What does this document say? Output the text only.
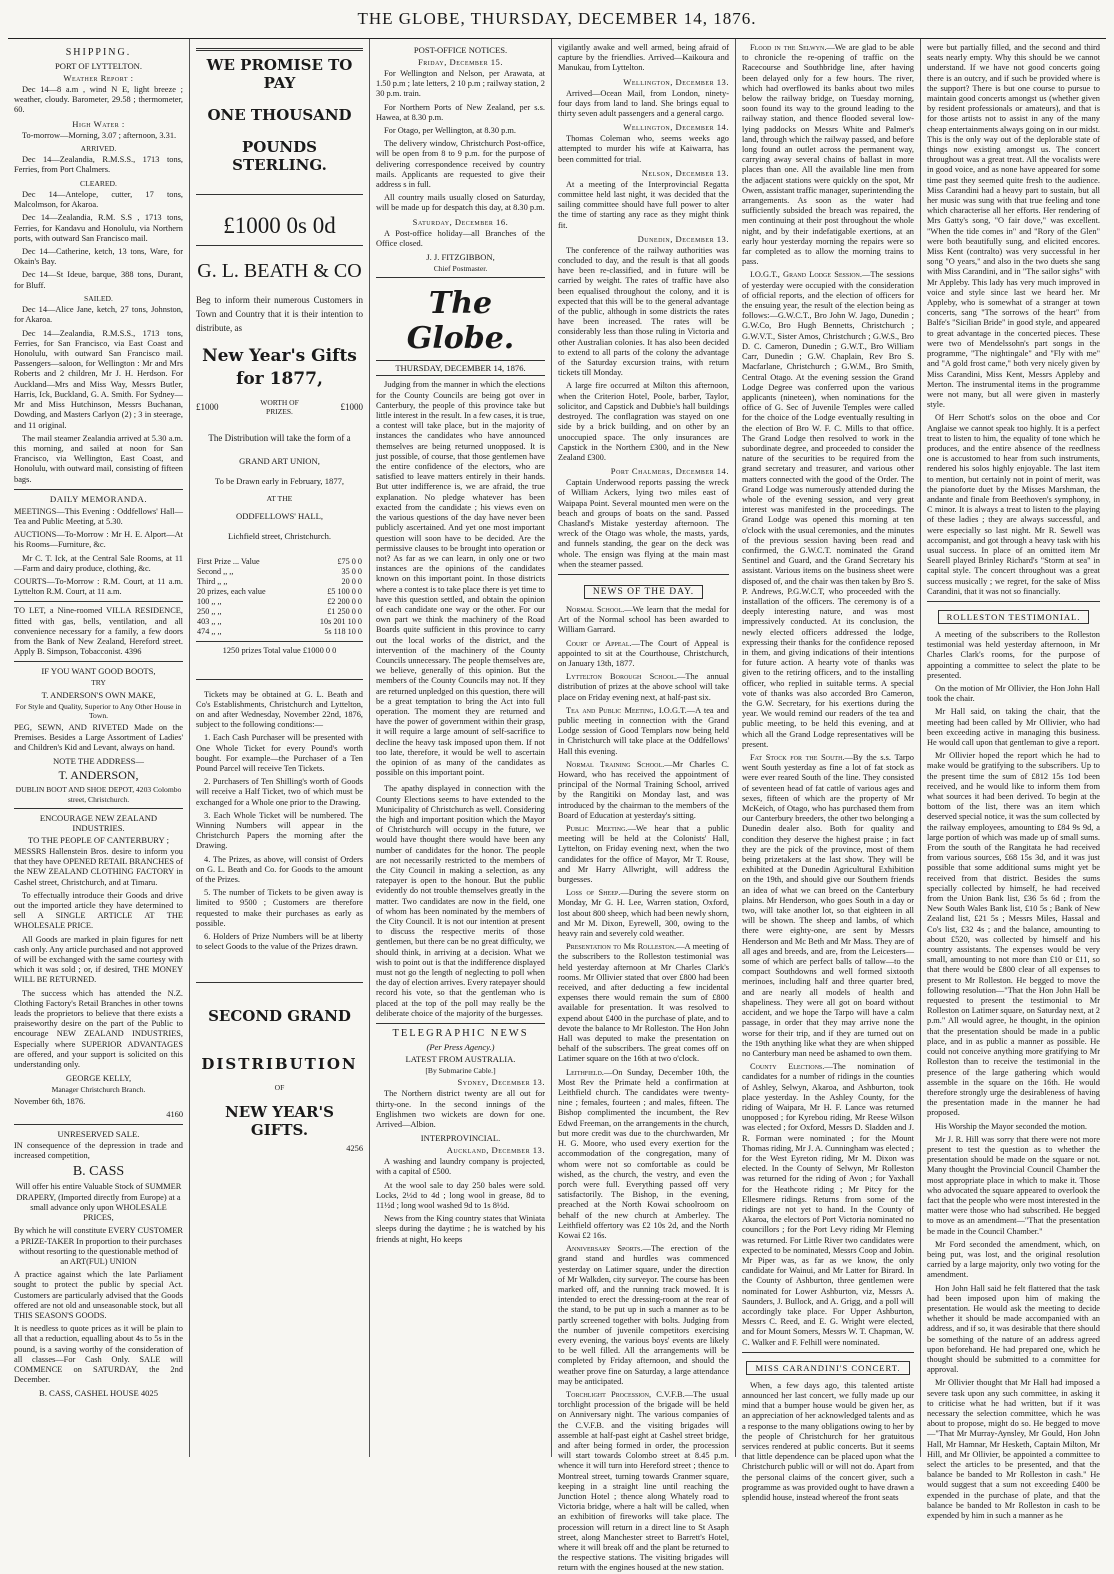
THE GLOBE, THURSDAY, DECEMBER 14, 1876.
SHIPPING.
PORT OF LYTTELTON.
Weather Report :

Dec 14—8 a.m , wind N E, light breeze ; weather, cloudy. Barometer, 29.58 ; thermometer, 60.

High Water :

To-morrow—Morning, 3.07 ; afternoon, 3.31.

ARRIVED.

Dec 14—Zealandia, R.M.S.S., 1713 tons, Ferries, from Port Chalmers.

CLEARED.

Dec 14—Antelope, cutter, 17 tons, Malcolmson, for Akaroa.

Dec 14—Zealandia, R.M. S.S , 1713 tons, Ferries, for Kandavu and Honolulu, via Northern ports, with outward San Francisco mail.

Dec 14—Catherine, ketch, 13 tons, Ware, for Okain's Bay.

Dec 14—St Ideue, barque, 388 tons, Durant, for Bluff.

SAILED.

Dec 14—Alice Jane, ketch, 27 tons, Johnston, for Akaroa.

Dec 14—Zealandia, R.M.S.S., 1713 tons, Ferries, for San Francisco, via East Coast and Honolulu, with outward San Francisco mail. Passengers—saloon, for Wellington : Mr and Mrs Roberts and 2 children, Mr J. H. Herdson. For Auckland—Mrs and Miss Way, Messrs Butler, Harris, Ick, Buckland, G. A. Smith. For Sydney—Mr and Miss Hutchinson, Messrs Buchanan, Dowding, and Masters Carlyon (2) ; 3 in steerage, and 11 original.

The mail steamer Zealandia arrived at 5.30 a.m. this morning, and sailed at noon for San Francisco, via Wellington, East Coast, and Honolulu, with outward mail, consisting of fifteen bags.

DAILY MEMORANDA.

MEETINGS—This Evening : Oddfellows' Hall—Tea and Public Meeting, at 5.30.

AUCTIONS—To-Morrow : Mr H. E. Alport—At his Rooms—Furniture, &c.

Mr C. T. Ick, at the Central Sale Rooms, at 11—Farm and dairy produce, clothing, &c.

COURTS—To-Morrow : R.M. Court, at 11 a.m. Lyttelton R.M. Court, at 11 a.m.

TO LET, a Nine-roomed VILLA RESIDENCE, fitted with gas, bells, ventilation, and all convenience necessary for a family, a few doors from the Bank of New Zealand, Hereford street. Apply B. Simpson, Tobacconist. 4396

IF YOU WANT GOOD BOOTS,
TRY
T. ANDERSON'S OWN MAKE,
For Style and Quality, Superior to Any Other House in Town.

PEG, SEWN, AND RIVETED Made on the Premises. Besides a Large Assortment of Ladies' and Children's Kid and Levant, always on hand.

NOTE THE ADDRESS—
T. ANDERSON,
DUBLIN BOOT AND SHOE DEPOT, 4203 Colombo street, Christchurch.
ENCOURAGE NEW ZEALAND INDUSTRIES.
TO THE PEOPLE OF CANTERBURY ;

MESSRS Hallenstein Bros. desire to inform you that they have OPENED RETAIL BRANCHES of the NEW ZEALAND CLOTHING FACTORY in Cashel street, Christchurch, and at Timaru.

To effectually introduce their Goods and drive out the imported article they have determined to sell A SINGLE ARTICLE AT THE WHOLESALE PRICE.

All Goods are marked in plain figures for nett cash only. Any article purchased and not approved of will be exchanged with the same courtesy with which it was sold ; or, if desired, THE MONEY WILL BE RETURNED.

The success which has attended the N.Z. Clothing Factory's Retail Branches in other towns leads the proprietors to believe that there exists a praiseworthy desire on the part of the Public to encourage NEW ZEALAND INDUSTRIES, Especially where SUPERIOR ADVANTAGES are offered, and your support is solicited on this understanding only.

GEORGE KELLY,
Manager Christchurch Branch.

November 6th, 1876.

4160

UNRESERVED SALE.

IN consequence of the depression in trade and increased competition,

B. CASS

Will offer his entire Valuable Stock of SUMMER DRAPERY, (Imported directly from Europe) at a small advance only upon WHOLESALE PRICES,

By which he will constitute EVERY CUSTOMER a PRIZE-TAKER In proportion to their purchases without resorting to the questionable method of an ART(FUL) UNION

A practice against which the late Parliament sought to protect the public by special Act. Customers are particularly advised that the Goods offered are not old and unseasonable stock, but all THIS SEASON'S GOODS.

It is needless to quote prices as it will be plain to all that a reduction, equalling about 4s to 5s in the pound, is a saving worthy of the consideration of all classes—For Cash Only. SALE will COMMENCE on SATURDAY, the 2nd December.

B. CASS, CASHEL HOUSE 4025
WE PROMISE TO PAY
ONE THOUSAND
POUNDS STERLING.
£1000 0s 0d
G. L. BEATH & CO

Beg to inform their numerous Customers in Town and Country that it is their intention to distribute, as

New Year's Gifts
for 1877,
£1000	WORTH OF PRIZES.	£1000

The Distribution will take the form of a

GRAND ART UNION,
To be Drawn early in February, 1877,
AT THE
ODDFELLOWS' HALL,
Lichfield street, Christchurch.
First Prize ... Value	£75 0 0
Second ,, ,,	35 0 0
Third ,, ,,	20 0 0
20 prizes, each value	£5 100 0 0
100 ,, ,,	£2 200 0 0
250 ,, ,,	£1 250 0 0
403 ,, ,,	10s 201 10 0
474 ,, ,,	5s 118 10 0

1250 prizes Total value £1000 0 0

Tickets may be obtained at G. L. Beath and Co's Establishments, Christchurch and Lyttelton, on and after Wednesday, November 22nd, 1876, subject to the following conditions:—

1. Each Cash Purchaser will be presented with One Whole Ticket for every Pound's worth bought. For example—the Purchaser of a Ten Pound Parcel will receive Ten Tickets.

2. Purchasers of Ten Shilling's worth of Goods will receive a Half Ticket, two of which must be exchanged for a Whole one prior to the Drawing.

3. Each Whole Ticket will be numbered. The Winning Numbers will appear in the Christchurch Papers the morning after the Drawing.

4. The Prizes, as above, will consist of Orders on G. L. Beath and Co. for Goods to the amount of the Prizes.

5. The number of Tickets to be given away is limited to 9500 ; Customers are therefore requested to make their purchases as early as possible.

6. Holders of Prize Numbers will be at liberty to select Goods to the value of the Prizes drawn.

SECOND GRAND
DISTRIBUTION
OF
NEW YEAR'S GIFTS.

4256

POST-OFFICE NOTICES.
Friday, December 15.

For Wellington and Nelson, per Arawata, at 1.50 p.m ; late letters, 2 10 p.m ; railway station, 2 30 p.m. train.

For Northern Ports of New Zealand, per s.s. Hawea, at 8.30 p.m.

For Otago, per Wellington, at 8.30 p.m.

The delivery window, Christchurch Post-office, will be open from 8 to 9 p.m. for the purpose of delivering correspondence received by country mails. Applicants are requested to give their address s in full.

All country mails usually closed on Saturday, will be made up for despatch this day, at 8.30 p.m.

Saturday, December 16.

A Post-office holiday—all Branches of the Office closed.

J. J. FITZGIBBON,
Chief Postmaster.
The Globe.
THURSDAY, DECEMBER 14, 1876.

Judging from the manner in which the elections for the County Councils are being got over in Canterbury, the people of this province take but little interest in the result. In a few cases, it is true, a contest will take place, but in the majority of instances the candidates who have announced themselves are being returned unopposed. It is just possible, of course, that those gentlemen have the entire confidence of the electors, who are satisfied to leave matters entirely in their hands. But utter indifference is, we are afraid, the true explanation. No pledge whatever has been exacted from the candidate ; his views even on the various questions of the day have never been publicly ascertained. And yet one most important question will soon have to be decided. Are the permissive clauses to be brought into operation or not? As far as we can learn, in only one or two instances are the opinions of the candidates known on this important point. In those districts where a contest is to take place there is yet time to have this question settled, and obtain the opinion of each candidate one way or the other. For our own part we think the machinery of the Road Boards quite sufficient in this province to carry out the local works of the district, and the intervention of the machinery of the County Councils unnecessary. The people themselves are, we believe, generally of this opinion. But the members of the County Councils may not. If they are returned unpledged on this question, there will be a great temptation to bring the Act into full operation. The moment they are returned and have the power of government within their grasp, it will require a large amount of self-sacrifice to decline the heavy task imposed upon them. If not too late, therefore, it would be well to ascertain the opinion of as many of the candidates as possible on this important point.

The apathy displayed in connection with the County Elections seems to have extended to the Municipality of Christchurch as well. Considering the high and important position which the Mayor of Christchurch will occupy in the future, we would have thought there would have been any number of candidates for the honor. The people are not necessarily restricted to the members of the City Council in making a selection, as any ratepayer is open to the honour. But the public evidently do not trouble themselves greatly in the matter. Two candidates are now in the field, one of whom has been nominated by the members of the City Council. It is not our intention at present to discuss the respective merits of those gentlemen, but there can be no great difficulty, we should think, in arriving at a decision. What we wish to point out is that the indifference displayed must not go the length of neglecting to poll when the day of election arrives. Every ratepayer should record his vote, so that the gentleman who is placed at the top of the poll may really be the deliberate choice of the majority of the burgesses.

TELEGRAPHIC NEWS
(Per Press Agency.)
LATEST FROM AUSTRALIA.
[By Submarine Cable.]
Sydney, December 13.

The Northern district twenty are all out for thirty-one. In the second innings of the Englishmen two wickets are down for one. Arrived—Albion.

INTERPROVINCIAL.
Auckland, December 13.

A washing and laundry company is projected, with a capital of £500.

At the wool sale to day 250 bales were sold. Locks, 2½d to 4d ; long wool in grease, 8d to 11½d ; long wool washed 9d to 1s 8½d.

News from the King country states that Winiata sleeps during the daytime ; he is watched by his friends at night, Ho keeps

vigilantly awake and well armed, being afraid of capture by the friendlies. Arrived—Kaikoura and Manukau, from Lyttelton.

Wellington, December 13.

Arrived—Ocean Mail, from London, ninety-four days from land to land. She brings equal to thirty seven adult passengers and a general cargo.

Wellington, December 14.

Thomas Coleman who, seems weeks ago attempted to murder his wife at Kaiwarra, has been committed for trial.

Nelson, December 13.

At a meeting of the Interprovincial Regatta committee held last night, it was decided that the sailing committee should have full power to alter the time of starting any race as they might think fit.

Dunedin, December 13.

The conference of the railway authorities was concluded to day, and the result is that all goods have been re-classified, and in future will be carried by weight. The rates of traffic have also been equalised throughout the colony, and it is expected that this will be to the general advantage of the public, although in some districts the rates have been increased. The rates will be considerably less than those ruling in Victoria and other Australian colonies. It has also been decided to extend to all parts of the colony the advantage of the Saturday excursion trains, with return tickets till Monday.

A large fire occurred at Milton this afternoon, when the Criterion Hotel, Poole, barber, Taylor, solicitor, and Capstick and Dubbie's hall buildings destroyed. The conflagration was stayed on one side by a brick building, and on other by an unoccupied space. The only insurances are Capstick in the Northern £300, and in the New Zealand £300.

Port Chalmers, December 14.

Captain Underwood reports passing the wreck of William Ackers, lying two miles east of Waipapa Point. Several mounted men were on the beach and groups of boats on the sand. Passed Chasland's Mistake yesterday afternoon. The wreck of the Otago was whole, the masts, yards, and funnels standing, the gear on the deck was whole. The ensign was flying at the main mast when the steamer passed.

NEWS OF THE DAY.

Normal School.—We learn that the medal for Art of the Normal school has been awarded to William Garrard.

Court of Appeal.—The Court of Appeal is appointed to sit at the Courthouse, Christchurch, on January 13th, 1877.

Lyttelton Borough School.—The annual distribution of prizes at the above school will take place on Friday evening next, at half-past six.

Tea and Public Meeting, I.O.G.T.—A tea and public meeting in connection with the Grand Lodge session of Good Templars now being held in Christchurch will take place at the Oddfellows' Hall this evening.

Normal Training School.—Mr Charles C. Howard, who has received the appointment of principal of the Normal Training School, arrived by the Rangitiki on Monday last, and was introduced by the chairman to the members of the Board of Education at yesterday's sitting.

Public Meeting.—We hear that a public meeting will be held at the Colonists' Hall, Lyttelton, on Friday evening next, when the two candidates for the office of Mayor, Mr T. Rouse, and Mr Harry Allwright, will address the burgesses.

Loss of Sheep.—During the severe storm on Monday, Mr G. H. Lee, Warren station, Oxford, lost about 800 sheep, which had been newly shorn, and Mr M. Dixon, Eyrewell, 300, owing to the heavy rain and severely cold weather.

Presentation to Mr Rolleston.—A meeting of the subscribers to the Rolleston testimonial was held yesterday afternoon at Mr Charles Clark's rooms. Mr Ollivier stated that over £800 had been received, and after deducting a few incidental expenses there would remain the sum of £800 available for presentation. It was resolved to expend about £400 in the purchase of plate, and to devote the balance to Mr Rolleston. The Hon John Hall was deputed to make the presentation on behalf of the subscribers. The great comes off on Latimer square on the 16th at two o'clock.

Leithfield.—On Sunday, December 10th, the Most Rev the Primate held a confirmation at Leithfield church. The candidates were twenty-nine ; females, fourteen ; and males, fifteen. The Bishop complimented the incumbent, the Rev Edwd Freeman, on the arrangements in the church, but more credit was due to the churchwarden, Mr H. G. Moore, who used every exertion for the accommodation of the congregation, many of whom were not so comfortable as could be wished, as the church, the vestry, and even the porch were full. Everything passed off very satisfactorily. The Bishop, in the evening, preached at the North Kowai schoolroom on behalf of the new church at Amberley. The Leithfield offertory was £2 10s 2d, and the North Kowai £2 16s.

Anniversary Sports.—The erection of the grand stand and hurdles was commenced yesterday on Latimer square, under the direction of Mr Walkden, city surveyor. The course has been marked off, and the running track mowed. It is intended to erect the dressing-room at the rear of the stand, to be put up in such a manner as to be partly screened together with bolts. Judging from the number of juvenile competitors exercising every evening, the various boys' events are likely to be well filled. All the arrangements will be completed by Friday afternoon, and should the weather prove fine on Saturday, a large attendance may be anticipated.

Torchlight Procession, C.V.F.B.—The usual torchlight procession of the brigade will be held on Anniversary night. The various companies of the C.V.F.B. and the visiting brigades will assemble at half-past eight at Cashel street bridge, and after being formed in order, the procession will start towards Colombo street at 8.45 p.m. whence it will turn into Hereford street ; thence to Montreal street, turning towards Cranmer square, keeping in a straight line until reaching the Junction Hotel ; thence along Whately road to Victoria bridge, where a halt will be called, when an exhibition of fireworks will take place. The procession will return in a direct line to St Asaph street, along Manchester street to Barrett's Hotel, where it will break off and the plant be returned to the respective stations. The visiting brigades will return with the engines housed at the new station.

Flood in the Selwyn.—We are glad to be able to chronicle the re-opening of traffic on the Racecourse and Southbridge line, after having been delayed only for a few hours. The river, which had overflowed its banks about two miles below the railway bridge, on Tuesday morning, soon found its way to the ground leading to the railway station, and thence flooded several low-lying paddocks on Messrs White and Palmer's land, through which the railway passed, and before long found an outlet across the permanent way, carrying away several chains of ballast in more places than one. All the available line men from the adjacent stations were quickly on the spot, Mr Owen, assistant traffic manager, superintending the arrangements. As soon as the water had sufficiently subsided the breach was repaired, the men continuing at their post throughout the whole night, and by their indefatigable exertions, at an early hour yesterday morning the repairs were so far completed as to allow the morning trains to pass.

I.O.G.T., Grand Lodge Session.—The sessions of yesterday were occupied with the consideration of official reports, and the election of officers for the ensuing year, the result of the election being as follows:—G.W.C.T., Bro John W. Jago, Dunedin ; G.W.Co, Bro Hugh Bennetts, Christchurch ; G.W.V.T., Sister Amos, Christchurch ; G.W.S., Bro D. C. Cameron, Dunedin ; G.W.T., Bro William Carr, Dunedin ; G.W. Chaplain, Rev Bro S. Macfarlane, Christchurch ; G.W.M., Bro Smith, Central Otago. At the evening session the Grand Lodge Degree was conferred upon the various applicants (nineteen), when nominations for the office of G. Sec of Juvenile Temples were called for the choice of the Lodge eventually resulting in the election of Bro W. F. C. Mills to that office. The Grand Lodge then resolved to work in the subordinate degree, and proceeded to consider the nature of the securities to be required from the grand secretary and treasurer, and various other matters connected with the good of the Order. The Grand Lodge was numerously attended during the whole of the evening session, and very great interest was manifested in the proceedings. The Grand Lodge was opened this morning at ten o'clock with the usual ceremonies, and the minutes of the previous session having been read and confirmed, the G.W.C.T. nominated the Grand Sentinel and Guard, and the Grand Secretary his assistant. Various items on the business sheet were disposed of, and the chair was then taken by Bro S. P. Andrews, P.G.W.C.T, who proceeded with the installation of the officers. The ceremony is of a deeply interesting nature, and was most impressively conducted. At its conclusion, the newly elected officers addressed the lodge, expressing their thanks for the confidence reposed in them, and giving indications of their intentions for future action. A hearty vote of thanks was given to the retiring officers, and to the installing officer, who replied in suitable terms. A special vote of thanks was also accorded Bro Cameron, the G.W. Secretary, for his exertions during the year. We would remind our readers of the tea and public meeting, to be held this evening, and at which all the Grand Lodge representatives will be present.

Fat Stock for the South.—By the s.s. Tarpo went South yesterday as fine a lot of fat stock as were ever reared South of the line. They consisted of seventeen head of fat cattle of various ages and sexes, fifteen of which are the property of Mr McKeich, of Otago, who has purchased them from our Canterbury breeders, the other two belonging a Dunedin dealer also. Both for quality and condition they deserve the highest praise ; in fact they are the pick of the province, most of them being prizetakers at the last show. They will be exhibited at the Dunedin Agricultural Exhibition on the 19th, and should give our Southern friends an idea of what we can breed on the Canterbury plains. Mr Henderson, who goes South in a day or two, will take another lot, so that eighteen in all will be shown. The sheep and lambs, of which there were eighty-one, are sent by Messrs Henderson and Mc Beth and Mr Mass. They are of all ages and breeds, and are, from the Leicesters—some of which are perfect balls of tallow—to the compact Southdowns and well formed sixtooth merinoes, including half and three quarter bred, and are nearly all models of health and shapeliness. They were all got on board without accident, and we hope the Tarpo will have a calm passage, in order that they may arrive none the worse for their trip, and if they are turned out on the 19th anything like what they are when shipped no Canterbury man need be ashamed to own them.

County Elections.—The nomination of candidates for a number of ridings in the counties of Ashley, Selwyn, Akaroa, and Ashburton, took place yesterday. In the Ashley County, for the riding of Waipara, Mr H. F. Lance was returned unopposed ; for Kyrebou riding, Mr Reese Wilson was elected ; for Oxford, Messrs D. Sladden and J. R. Forman were nominated ; for the Mount Thomas riding, Mr J. A. Cunningham was elected ; for the West Eyreton riding, Mr M. Dixon was elected. In the County of Selwyn, Mr Rolleston was returned for the riding of Avon ; for Yaxhall for the Heathcote riding ; Mr Pitcy for the Ellesmere ridings. Returns from some of the ridings are not yet to hand. In the County of Akaroa, the electors of Port Victoria nominated no councillors ; for the Port Levy riding Mr Fleming was returned. For Little River two candidates were expected to be nominated, Messrs Coop and Jobin. Mr Piper was, as far as we know, the only candidate for Wainui, and Mr Latter for Birard. In the County of Ashburton, three gentlemen were nominated for Lower Ashburton, viz, Messrs A. Saunders, J. Bullock, and A. Grigg, and a poll will accordingly take place. For Upper Ashburton, Messrs C. Reed, and E. G. Wright were elected, and for Mount Somers, Messrs W. T. Chapman, W. C. Walker and F. Felhill were nominated.

MISS CARANDINI'S CONCERT.

When, a few days ago, this talented artiste announced her last concert, we fully made up our mind that a bumper house would be given her, as an appreciation of her acknowledged talents and as a response to the many obligations owing to her by the people of Christchurch for her gratuitous services rendered at public concerts. But it seems that little dependence can be placed upon what the Christchurch public will or will not do. Apart from the personal claims of the concert giver, such a programme as was provided ought to have drawn a splendid house, instead whereof the front seats

were but partially filled, and the second and third seats nearly empty. Why this should be we cannot understand. If we have not good concerts going there is an outcry, and if such be provided where is the support? There is but one course to pursue to maintain good concerts amongst us (whether given by resident professionals or amateurs), and that is for those artists not to assist in any of the many cheap entertainments always going on in our midst. This is the only way out of the deplorable state of things now existing amongst us. The concert throughout was a great treat. All the vocalists were in good voice, and as none have appeared for some time past they seemed quite fresh to the audience. Miss Carandini had a heavy part to sustain, but all her music was sung with that true feeling and tone which characterise all her efforts. Her rendering of Mrs Gatty's song, "O fair dove," was excellent. "When the tide comes in" and "Rory of the Glen" were both beautifully sung, and elicited encores. Miss Kent (contralto) was very successful in her song "O years," and also in the two duets she sang with Miss Carandini, and in "The sailor sighs" with Mr Appleby. This lady has very much improved in voice and style since last we heard her. Mr Appleby, who is somewhat of a stranger at town concerts, sang "The sorrows of the heart" from Balfe's "Sicilian Bride" in good style, and appeared to great advantage in the concerted pieces. These were two of Mendelssohn's part songs in the programme, "The nightingale" and "Fly with me" and "A gold frost came," both very nicely given by Miss Carandini, Miss Kent, Messrs Appleby and Merton. The instrumental items in the programme were not many, but all were given in masterly style.

Of Herr Schott's solos on the oboe and Cor Anglaise we cannot speak too highly. It is a perfect treat to listen to him, the equality of tone which he produces, and the entire absence of the reedlness one is accustomed to hear from such instruments, rendered his solos highly enjoyable. The last item to mention, but certainly not in point of merit, was the pianoforte duet by the Misses Marshman, the andante and finale from Beethoven's symphony, in C minor. It is always a treat to listen to the playing of these ladies ; they are always successful, and were especially so last night. Mr R. Sewell was accompanist, and got through a heavy task with his usual success. In place of an omitted item Mr Searell played Brinley Richard's "Storm at sea" in capital style. The concert throughout was a great success musically ; we regret, for the sake of Miss Carandini, that it was not so financially.

ROLLESTON TESTIMONIAL.

A meeting of the subscribers to the Rolleston testimonial was held yesterday afternoon, in Mr Charles Clark's rooms, for the purpose of appointing a committee to select the plate to be presented.

On the motion of Mr Ollivier, the Hon John Hall took the chair.

Mr Hall said, on taking the chair, that the meeting had been called by Mr Ollivier, who had been exceeding active in managing this business. He would call upon that gentleman to give a report.

Mr Ollivier hoped the report which he had to make would be gratifying to the subscribers. Up to the present time the sum of £812 15s 1od been received, and he would like to inform them from what sources it had been derived. To begin at the bottom of the list, there was an item which deserved special notice, it was the sum collected by the railway employees, amounting to £84 9s 9d, a large portion of which was made up of small sums. From the south of the Rangitata he had received from various sources, £68 15s 3d, and it was just possible that some additional sums might yet be received from that district. Besides the sums specially collected by himself, he had received from the Union Bank list, £36 5s 6d ; from the New South Wales Bank list, £10 5s ; Bank of New Zealand list, £21 5s ; Messrs Miles, Hassal and Co's list, £32 4s ; and the balance, amounting to about £520, was collected by himself and his country assistants. The expenses would be very small, amounting to not more than £10 or £11, so that there would be £800 clear of all expenses to present to Mr Rolleston. He begged to move the following resolution—"That the Hon John Hall be requested to present the testimonial to Mr Rolleston on Latimer square, on Saturday next, at 2 p.m." All would agree, he thought, in the opinion that the presentation should be made in a public place, and in as public a manner as possible. He could not conceive anything more gratifying to Mr Rolleston than to receive the testimonial in the presence of the large gathering which would assemble in the square on the 16th. He would therefore strongly urge the desirableness of having the presentation made in the manner he had proposed.

His Worship the Mayor seconded the motion.

Mr J. R. Hill was sorry that there were not more present to test the question as to whether the presentation should be made on the square or not. Many thought the Provincial Council Chamber the most appropriate place in which to make it. Those who advocated the square appeared to overlook the fact that the people who were most interested in the matter were those who had subscribed. He begged to move as an amendment—"That the presentation be made in the Council Chamber."

Mr Ford seconded the amendment, which, on being put, was lost, and the original resolution carried by a large majority, only two voting for the amendment.

Hon John Hall said he felt flattered that the task had been imposed upon him of making the presentation. He would ask the meeting to decide whether it should be made accompanied with an address, and if so, it was desirable that there should be something of the nature of an address agreed upon beforehand. He had prepared one, which he thought should be submitted to a committee for approval.

Mr Ollivier thought that Mr Hall had imposed a severe task upon any such committee, in asking it to criticise what he had written, but if it was necessary the selection committee, which he was about to propose, might do so. He begged to move—"That Mr Murray-Aynsley, Mr Gould, Hon John Hall, Mr Hamnar, Mr Hesketh, Captain Milton, Mr Hill, and Mr Ollivier, be appointed a committee to select the articles to be presented, and that the balance be banded to Mr Rolleston in cash." He would suggest that a sum not exceeding £400 be expended in the purchase of plate, and that the balance be banded to Mr Rolleston in cash to be expended by him in such a manner as he
